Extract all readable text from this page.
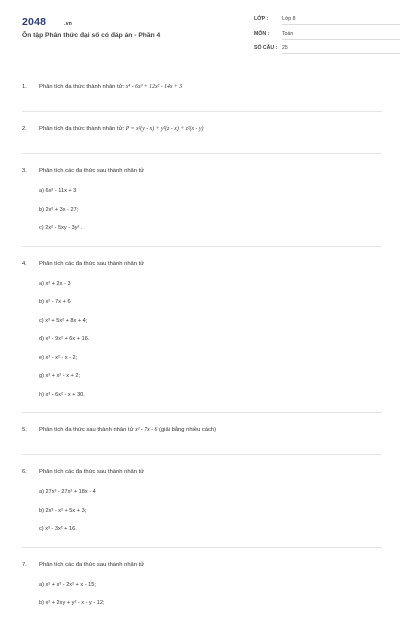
2048	.vn
Ôn tập Phân thức đại số có đáp án - Phần 4
LỚP :	Lớp 8
MÔN : Toán
SỐ CÂU : 25
1. Phân tích đa thức thành nhân tử: x⁴ - 6x³ + 12x² - 14x + 3
2. Phân tích đa thức thành nhân tử: P = x²(y - x) + y²(z - x) + z²(x - y)
3. Phân tích các đa thức sau thành nhân tử
a) 6x² - 11x + 3
b) 2x² + 3x - 27;
c) 2x² - 5xy - 3y² .
4. Phân tích các đa thức sau thành nhân tử
a) x² + 2x - 3
b) x² - 7x + 6
c) x³ + 5x² + 8x + 4;
d) x³ - 9x² + 6x + 16.
e) x³ - x² - x - 2;
g) x³ + x² - x + 2;
h) x³ - 6x² - x + 30.
5. Phân tích đa thức sau thành nhân tử x³ - 7x - 6 (giải bằng nhiều cách)
6. Phân tích các đa thức sau thành nhân tử
a) 27x³ - 27x² + 18x - 4
b) 2x³ - x² + 5x + 3;
c) x³ - 3x² + 16.
7. Phân tích các đa thức sau thành nhân tử
a) x² + x³ - 2x² + x - 15;
b) x² + 2xy + y² - x - y - 12;
